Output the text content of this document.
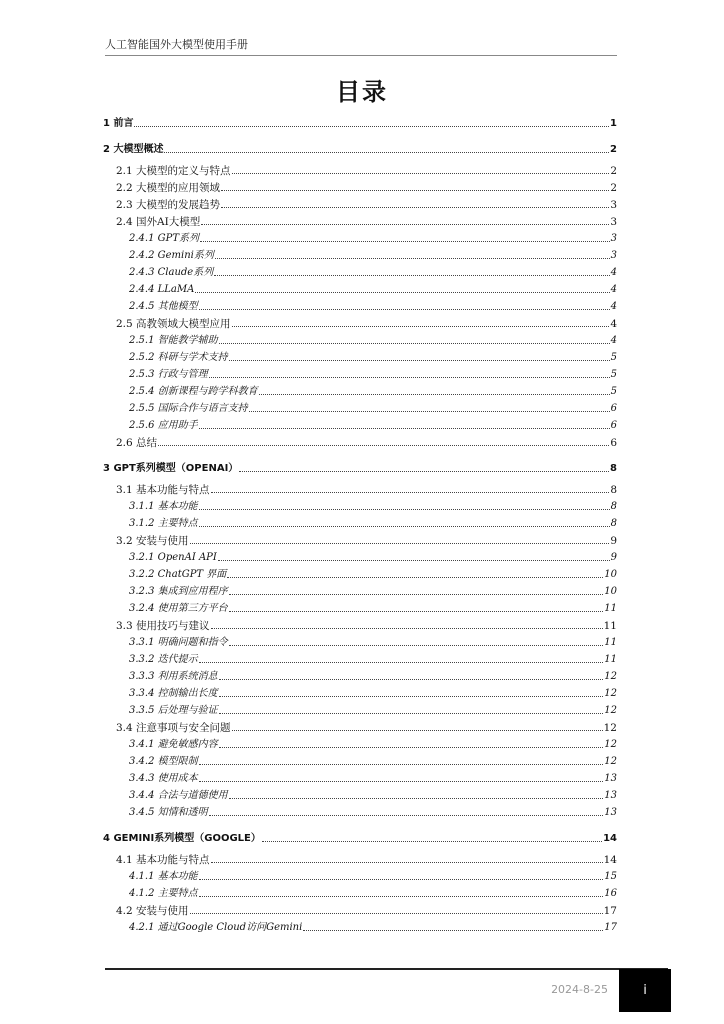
人工智能国外大模型使用手册
目录
1 前言	1
2 大模型概述	2
2.1 大模型的定义与特点	2
2.2 大模型的应用领域	2
2.3 大模型的发展趋势	3
2.4 国外AI大模型	3
2.4.1 GPT系列	3
2.4.2 Gemini系列	3
2.4.3 Claude系列	4
2.4.4 LLaMA	4
2.4.5 其他模型	4
2.5 高教领域大模型应用	4
2.5.1 智能教学辅助	4
2.5.2 科研与学术支持	5
2.5.3 行政与管理	5
2.5.4 创新课程与跨学科教育	5
2.5.5 国际合作与语言支持	6
2.5.6 应用助手	6
2.6 总结	6
3 GPT系列模型（OPENAI）	8
3.1 基本功能与特点	8
3.1.1 基本功能	8
3.1.2 主要特点	8
3.2 安装与使用	9
3.2.1 OpenAI API	9
3.2.2 ChatGPT 界面	10
3.2.3 集成到应用程序	10
3.2.4 使用第三方平台	11
3.3 使用技巧与建议	11
3.3.1 明确问题和指令	11
3.3.2 迭代提示	11
3.3.3 利用系统消息	12
3.3.4 控制输出长度	12
3.3.5 后处理与验证	12
3.4 注意事项与安全问题	12
3.4.1 避免敏感内容	12
3.4.2 模型限制	12
3.4.3 使用成本	13
3.4.4 合法与道德使用	13
3.4.5 知情和透明	13
4 GEMINI系列模型（GOOGLE）	14
4.1 基本功能与特点	14
4.1.1 基本功能	15
4.1.2 主要特点	16
4.2 安装与使用	17
4.2.1 通过Google Cloud访问Gemini	17
2024-8-25	i
